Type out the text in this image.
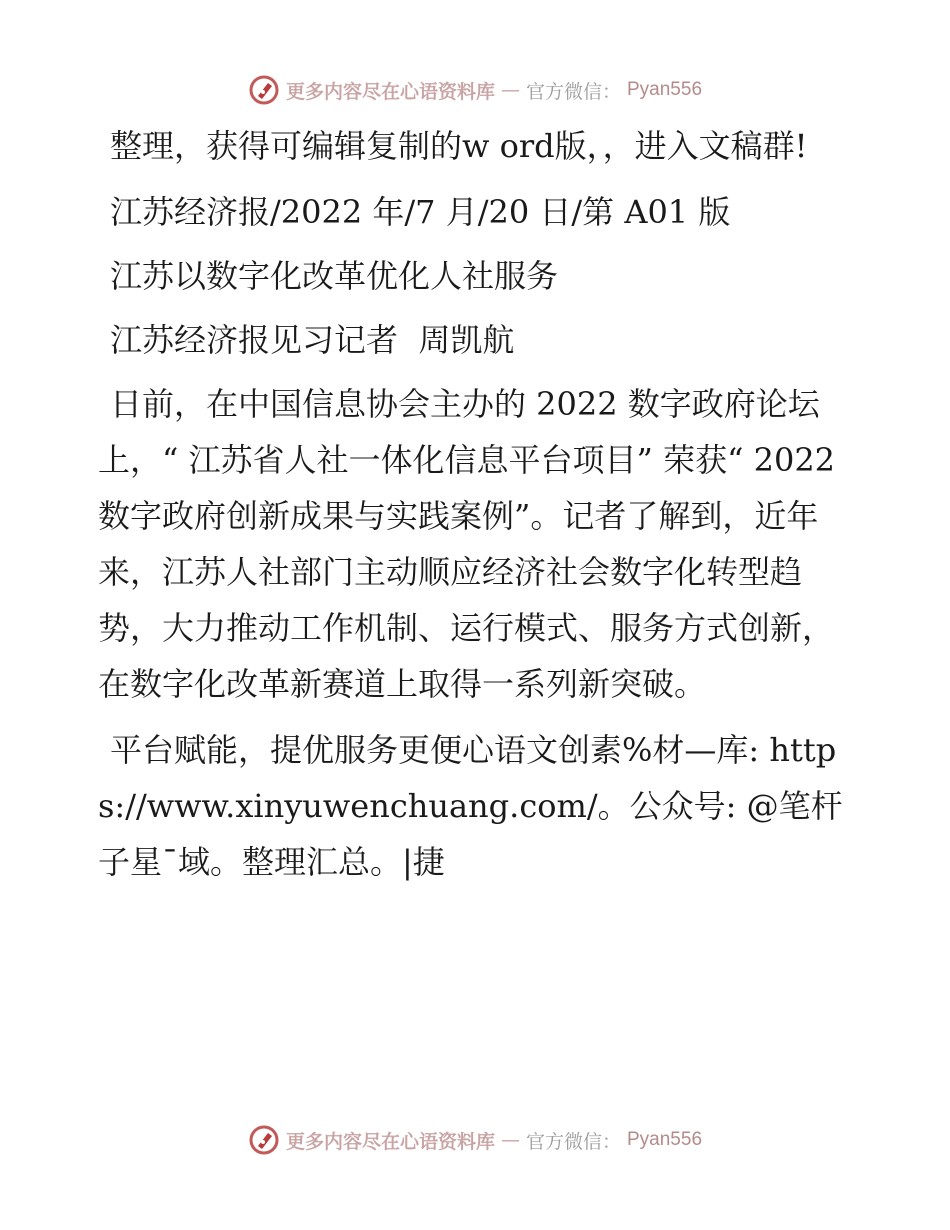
更多内容尽在心语资料库 — 官方微信： Pyan556

整理，获得可编辑复制的w ord版，，进入文稿群!

江苏经济报/2022 年/7 月/20 日/第 A01 版

江苏以数字化改革优化人社服务

江苏经济报见习记者  周凯航

日前，在中国信息协会主办的 2022 数字政府论坛上，“ 江苏省人社一体化信息平台项目” 荣获“ 2022 数字政府创新成果与实践案例”。记者了解到，近年来，江苏人社部门主动顺应经济社会数字化转型趋势，大力推动工作机制、运行模式、服务方式创新，在数字化改革新赛道上取得一系列新突破。

平台赋能，提优服务更便心语文创素%材—库: https://www.xinyuwenchuang.com/。公众号: @笔杆子星¯域。整理汇总。|捷

更多内容尽在心语资料库 — 官方微信： Pyan556
